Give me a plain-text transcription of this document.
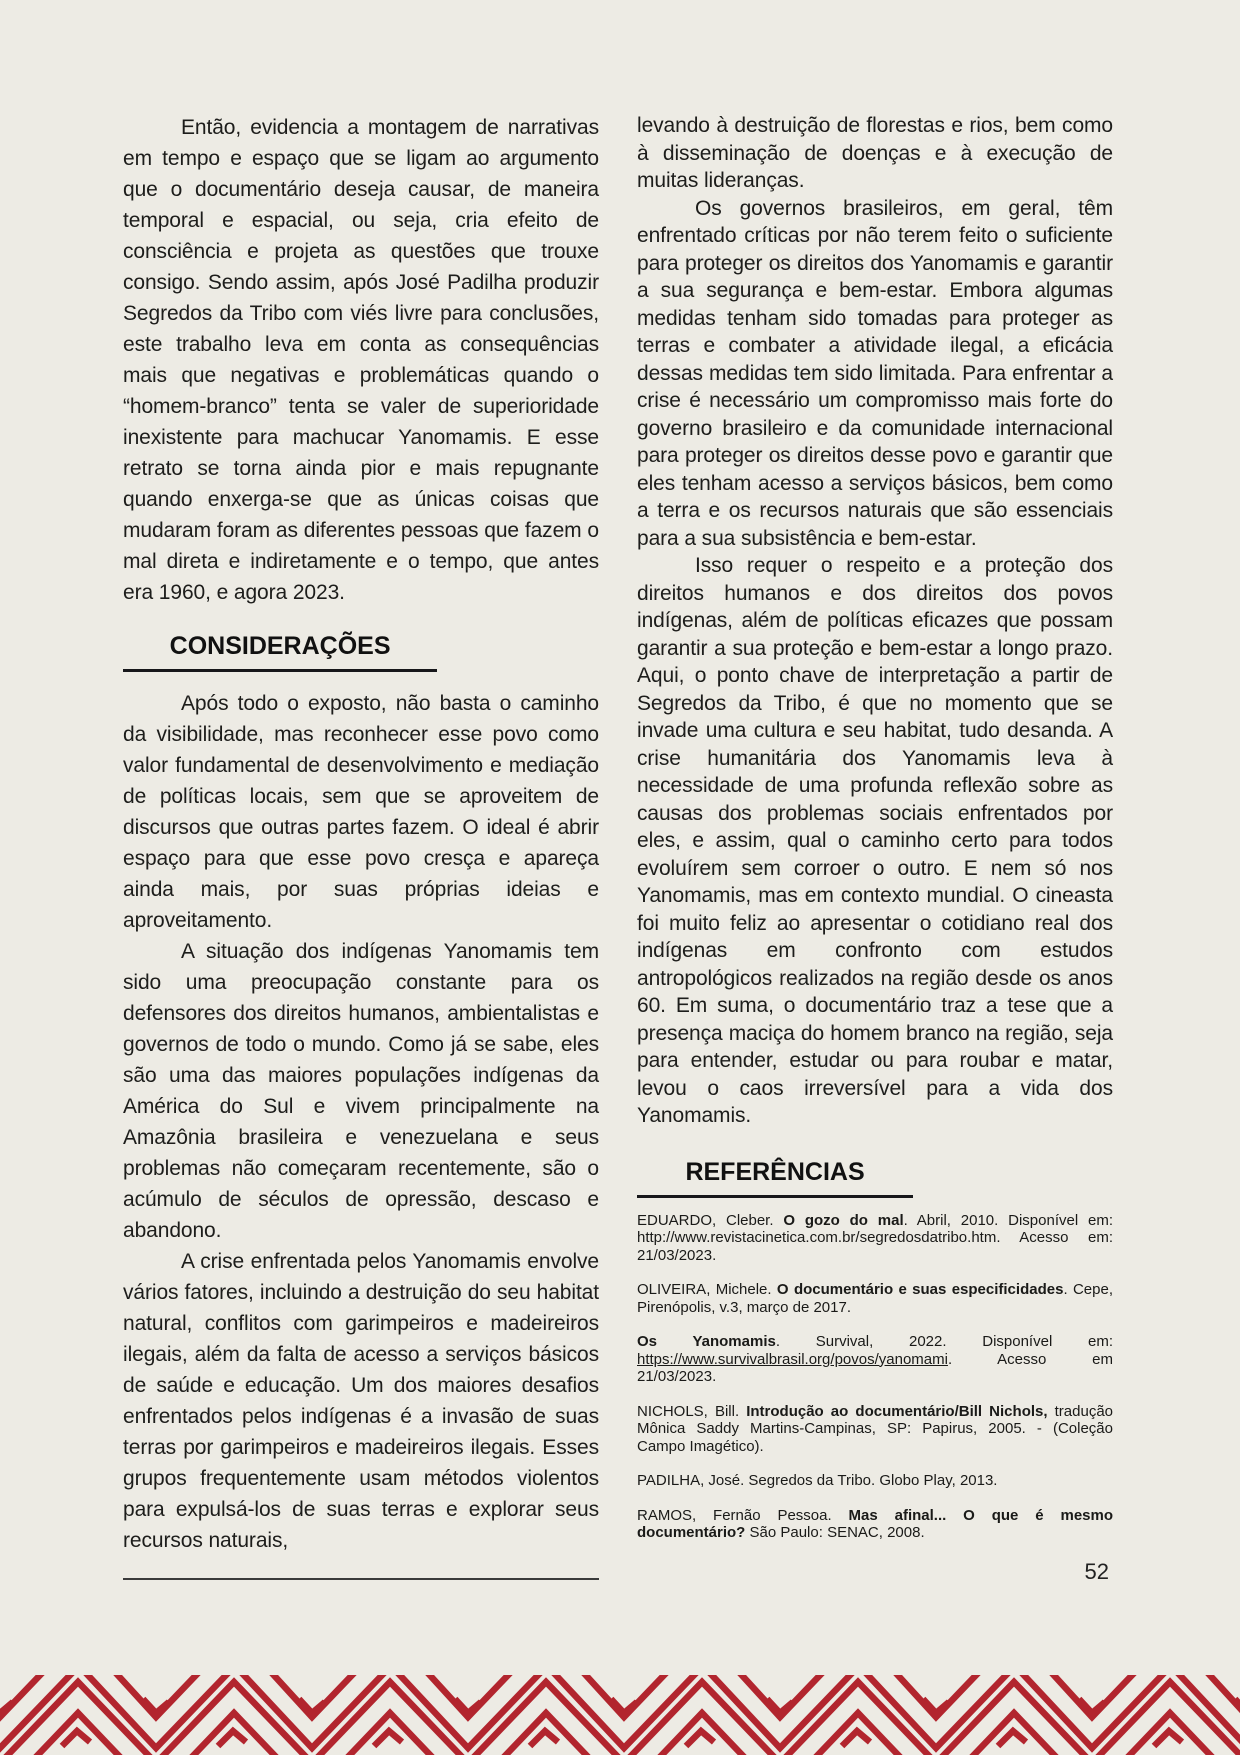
Então, evidencia a montagem de narrativas em tempo e espaço que se ligam ao argumento que o documentário deseja causar, de maneira temporal e espacial, ou seja, cria efeito de consciência e projeta as questões que trouxe consigo. Sendo assim, após José Padilha produzir Segredos da Tribo com viés livre para conclusões, este trabalho leva em conta as consequências mais que negativas e problemáticas quando o “homem-branco” tenta se valer de superioridade inexistente para machucar Yanomamis. E esse retrato se torna ainda pior e mais repugnante quando enxerga-se que as únicas coisas que mudaram foram as diferentes pessoas que fazem o mal direta e indiretamente e o tempo, que antes era 1960, e agora 2023.

CONSIDERAÇÕES

Após todo o exposto, não basta o caminho da visibilidade, mas reconhecer esse povo como valor fundamental de desenvolvimento e mediação de políticas locais, sem que se aproveitem de discursos que outras partes fazem. O ideal é abrir espaço para que esse povo cresça e apareça ainda mais, por suas próprias ideias e aproveitamento.

A situação dos indígenas Yanomamis tem sido uma preocupação constante para os defensores dos direitos humanos, ambientalistas e governos de todo o mundo. Como já se sabe, eles são uma das maiores populações indígenas da América do Sul e vivem principalmente na Amazônia brasileira e venezuelana e seus problemas não começaram recentemente, são o acúmulo de séculos de opressão, descaso e abandono.

A crise enfrentada pelos Yanomamis envolve vários fatores, incluindo a destruição do seu habitat natural, conflitos com garimpeiros e madeireiros ilegais, além da falta de acesso a serviços básicos de saúde e educação. Um dos maiores desafios enfrentados pelos indígenas é a invasão de suas terras por garimpeiros e madeireiros ilegais. Esses grupos frequentemente usam métodos violentos para expulsá-los de suas terras e explorar seus recursos naturais,

levando à destruição de florestas e rios, bem como à disseminação de doenças e à execução de muitas lideranças.

Os governos brasileiros, em geral, têm enfrentado críticas por não terem feito o suficiente para proteger os direitos dos Yanomamis e garantir a sua segurança e bem-estar. Embora algumas medidas tenham sido tomadas para proteger as terras e combater a atividade ilegal, a eficácia dessas medidas tem sido limitada. Para enfrentar a crise é necessário um compromisso mais forte do governo brasileiro e da comunidade internacional para proteger os direitos desse povo e garantir que eles tenham acesso a serviços básicos, bem como a terra e os recursos naturais que são essenciais para a sua subsistência e bem-estar.

Isso requer o respeito e a proteção dos direitos humanos e dos direitos dos povos indígenas, além de políticas eficazes que possam garantir a sua proteção e bem-estar a longo prazo. Aqui, o ponto chave de interpretação a partir de Segredos da Tribo, é que no momento que se invade uma cultura e seu habitat, tudo desanda. A crise humanitária dos Yanomamis leva à necessidade de uma profunda reflexão sobre as causas dos problemas sociais enfrentados por eles, e assim, qual o caminho certo para todos evoluírem sem corroer o outro. E nem só nos Yanomamis, mas em contexto mundial. O cineasta foi muito feliz ao apresentar o cotidiano real dos indígenas em confronto com estudos antropológicos realizados na região desde os anos 60. Em suma, o documentário traz a tese que a presença maciça do homem branco na região, seja para entender, estudar ou para roubar e matar, levou o caos irreversível para a vida dos Yanomamis.

REFERÊNCIAS

EDUARDO, Cleber. O gozo do mal. Abril, 2010. Disponível em: http://www.revistacinetica.com.br/segredosdatribo.htm. Acesso em: 21/03/2023.

OLIVEIRA, Michele. O documentário e suas especificidades. Cepe, Pirenópolis, v.3, março de 2017.

Os Yanomamis. Survival, 2022. Disponível em: https://www.survivalbrasil.org/povos/yanomami. Acesso em 21/03/2023.

NICHOLS, Bill. Introdução ao documentário/Bill Nichols, tradução Mônica Saddy Martins-Campinas, SP: Papirus, 2005. - (Coleção Campo Imagético).

PADILHA, José. Segredos da Tribo. Globo Play, 2013.

RAMOS, Fernão Pessoa. Mas afinal... O que é mesmo documentário? São Paulo: SENAC, 2008.

52
